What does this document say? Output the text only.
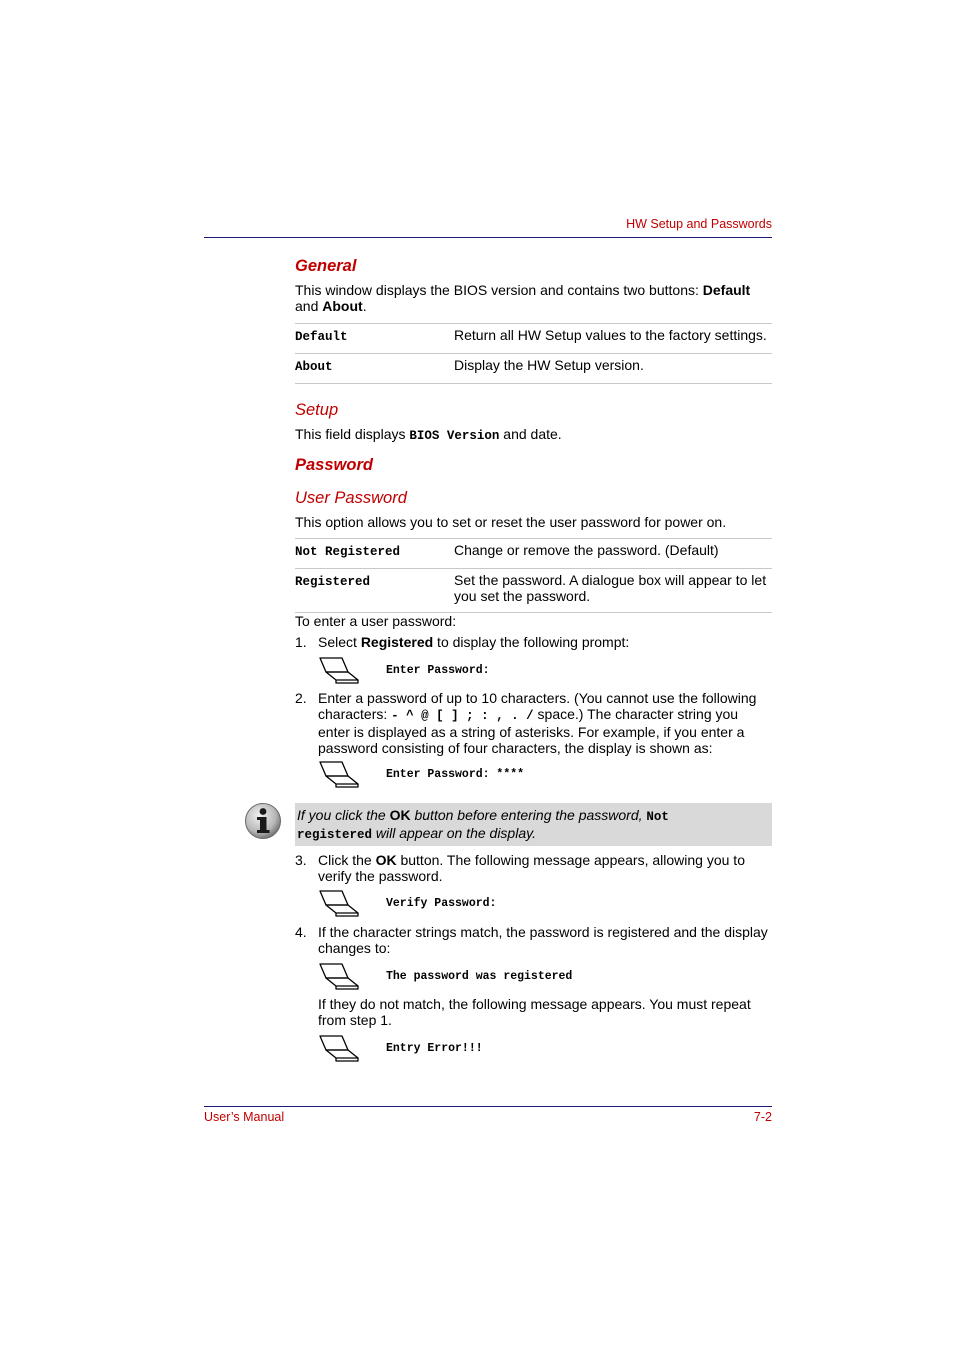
HW Setup and Passwords
User’s Manual	7-2
General
This window displays the BIOS version and contains two buttons: Default and About.
Default	Return all HW Setup values to the factory settings.
About	Display the HW Setup version.
Setup
This field displays BIOS Version and date.
Password
User Password
This option allows you to set or reset the user password for power on.
Not Registered	Change or remove the password. (Default)
Registered	Set the password. A dialogue box will appear to let you set the password.
To enter a user password:
1. Select Registered to display the following prompt:
Enter Password:
2. Enter a password of up to 10 characters. (You cannot use the following characters: - ^ @ [ ] ; : , . / space.) The character string you enter is displayed as a string of asterisks. For example, if you enter a password consisting of four characters, the display is shown as:
Enter Password: ****
If you click the OK button before entering the password, Not
registered will appear on the display.
3. Click the OK button. The following message appears, allowing you to verify the password.
Verify Password:
4. If the character strings match, the password is registered and the display changes to:
The password was registered
If they do not match, the following message appears. You must repeat from step 1.
Entry Error!!!
